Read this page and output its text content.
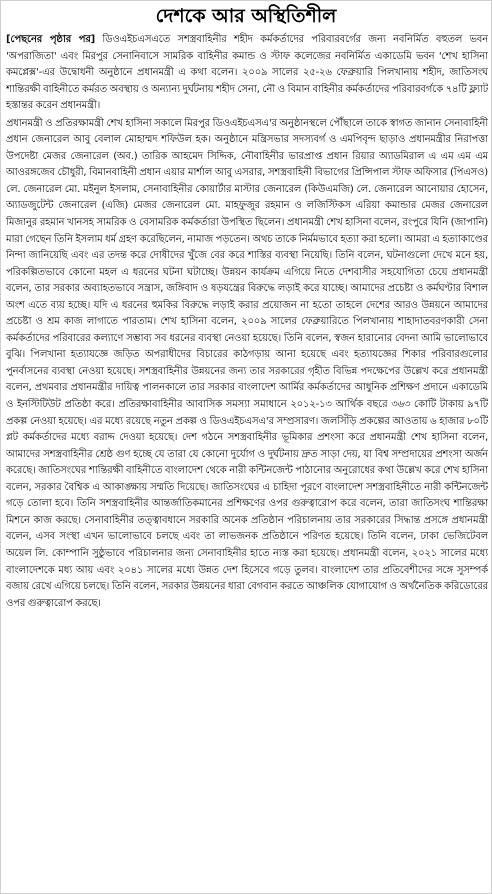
দেশকে আর অস্থিতিশীল

[পেছনের পৃষ্ঠার পর] ডিওএইচএসএতে সশস্ত্রবাহিনীর শহীদ কর্মকর্তাদের পরিবারবর্গের জন্য নবনির্মিত বহুতল ভবন 'অপরাজিতা' এবং মিরপুর সেনানিবাসে সামরিক বাহিনীর কমান্ড ও স্টাফ কলেজের নবনির্মিত একাডেমি ভবন 'শেখ হাসিনা কমপ্লেক্স'-এর উদ্বোধনী অনুষ্ঠানে প্রধানমন্ত্রী এ কথা বলেন। ২০০৯ সালের ২৫-২৬ ফেব্রুয়ারি পিলখানায় শহীদ, জাতিসংঘ শান্তিরক্ষী বাহিনীতে কর্মরত অবস্থায় ও অন্যান্য দুর্ঘটনায় শহীদ সেনা, নৌ ও বিমান বাহিনীর কর্মকর্তাদের পরিবারবর্গকে ৭৪টি ফ্ল্যাট হস্তান্তর করেন প্রধানমন্ত্রী।

প্রধানমন্ত্রী ও প্রতিরক্ষামন্ত্রী শেখ হাসিনা সকালে মিরপুর ডিওএইচএসএ'র অনুষ্ঠানস্থলে পৌঁছালে তাকে স্বাগত জানান সেনাবাহিনী প্রধান জেনারেল আবু বেলাল মোহাম্মদ শফিউল হক। অনুষ্ঠানে মন্ত্রিসভার সদস্যবর্গ ও এমপিবৃন্দ ছাড়াও প্রধানমন্ত্রীর নিরাপত্তা উপদেষ্টা মেজর জেনারেল (অব.) তারিক আহমেদ সিদ্দিক, নৌবাহিনীর ভারপ্রাপ্ত প্রধান রিয়ার অ্যাডমিরাল এ এম এম এম আওরঙ্গজেব চৌধুরী, বিমানবাহিনী প্রধান এয়ার মার্শাল আবু এসরার, সশস্ত্রবাহিনী বিভাগের প্রিন্সিপাল স্টাফ অফিসার (পিএসও) লে. জেনারেল মো. মইনুল ইসলাম, সেনাবাহিনীর কোয়ার্টার মাস্টার জেনারেল (কিউএমজি) লে. জেনারেল আনোয়ার হোসেন, অ্যাডজুটেন্ট জেনারেল (এজি) মেজর জেনারেল মো. মাহফুজুর রহমান ও লজিস্টিকস এরিয়া কমান্ডার মেজর জেনারেল মিজানুর রহমান খানসহ সামরিক ও বেসামরিক কর্মকর্তারা উপস্থিত ছিলেন। প্রধানমন্ত্রী শেখ হাসিনা বলেন, রংপুরে যিনি (জাপানি) মারা গেছেন তিনি ইসলাম ধর্ম গ্রহণ করেছিলেন, নামাজ পড়তেন। অথচ তাকে নির্মমভাবে হত্যা করা হলো। আমরা এ হত্যাকাণ্ডের নিন্দা জানিয়েছি এবং এর তদন্ত করে দোষীদের খুঁজে বের করে শাস্তির ব্যবস্থা নিয়েছি। তিনি বলেন, ঘটনাগুলো দেখে মনে হয়, পরিকল্পিতভাবে কোনো মহল এ ধরনের ঘটনা ঘটাচ্ছে। উন্নয়ন কার্যক্রম এগিয়ে নিতে দেশবাসীর সহযোগিতা চেয়ে প্রধানমন্ত্রী বলেন, তার সরকার অব্যাহতভাবে সন্ত্রাস, জঙ্গিবাদ ও ষড়যন্ত্রের বিরুদ্ধে লড়াই করে যাচ্ছে। আমাদের প্রচেষ্টা ও কর্মঘণ্টার বিশাল অংশ এতে ব্যয় হচ্ছে। যদি এ ধরনের হুমকির বিরুদ্ধে লড়াই করার প্রয়োজন না হতো তাহলে দেশের আরও উন্নয়নে আমাদের প্রচেষ্টা ও শ্রম কাজ লাগাতে পারতাম। শেখ হাসিনা বলেন, ২০০৯ সালের ফেব্রুয়ারিতে পিলখানায় শাহাদাতবরণকারী সেনা কর্মকর্তাদের পরিবারের কল্যাণে সম্ভাব্য সব ধরনের ব্যবস্থা নেওয়া হয়েছে। তিনি বলেন, স্বজন হারানোর বেদনা আমি ভালোভাবে বুঝি। পিলখানা হত্যাযজ্ঞে জড়িত অপরাধীদের বিচারের কাঠগড়ায় আনা হয়েছে এবং হত্যাযজ্ঞের শিকার পরিবারগুলোর পুনর্বাসনের ব্যবস্থা নেওয়া হয়েছে। সশস্ত্রবাহিনীর উন্নয়নের জন্য তার সরকারের গৃহীত বিভিন্ন পদক্ষেপের উল্লেখ করে প্রধানমন্ত্রী বলেন, প্রথমবার প্রধানমন্ত্রীর দায়িত্ব পালনকালে তার সরকার বাংলাদেশ আর্মির কর্মকর্তাদের আধুনিক প্রশিক্ষণ প্রদানে একাডেমি ও ইনস্টিটিউট প্রতিষ্ঠা করে। প্রতিরক্ষাবাহিনীর আবাসিক সমস্যা সমাধানে ২০১২-১৩ আর্থিক বছরে ৩৬৩ কোটি টাকায় ৯৭টি প্রকল্প নেওয়া হয়েছে। এর মধ্যে রয়েছে নতুন প্রকল্প ও ডিওএইচএসএ'র সম্প্রসারণ। জলসিঁড়ি প্রকল্পের আওতায় ৬ হাজার ৮০টি প্লট কর্মকর্তাদের মধ্যে বরাদ্দ দেওয়া হয়েছে। দেশ গঠনে সশস্ত্রবাহিনীর ভূমিকার প্রশংসা করে প্রধানমন্ত্রী শেখ হাসিনা বলেন, আমাদের সশস্ত্রবাহিনীর শ্রেষ্ঠ গুণ হচ্ছে যে তারা যে কোনো দুর্যোগ ও দুর্ঘটনায় দ্রুত সাড়া দেয়, যা বিশ্ব সম্প্রদায়ের প্রশংসা অর্জন করেছে। জাতিসংঘের শান্তিরক্ষী বাহিনীতে বাংলাদেশ থেকে নারী কন্টিনজেন্ট পাঠানোর অনুরোধের কথা উল্লেখ করে শেখ হাসিনা বলেন, সরকার বৈশ্বিক এ আকাঙ্ক্ষায় সম্মতি দিয়েছে। জাতিসংঘের এ চাহিদা পূরণে বাংলাদেশ সশস্ত্রবাহিনীতে নারী কন্টিনজেন্ট গড়ে তোলা হবে। তিনি সশস্ত্রবাহিনীর আন্তর্জাতিকমানের প্রশিক্ষণের ওপর গুরুত্বারোপ করে বলেন, তারা জাতিসংঘ শান্তিরক্ষা মিশনে কাজ করছে। সেনাবাহিনীর তত্ত্বাবধানে সরকারি অনেক প্রতিষ্ঠান পরিচালনায় তার সরকারের সিদ্ধান্ত প্রসঙ্গে প্রধানমন্ত্রী বলেন, এসব সংস্থা এখন ভালোভাবে চলছে এবং তা লাভজনক প্রতিষ্ঠানে পরিণত হয়েছে। তিনি বলেন, ঢাকা ভেজিটেবল অয়েল লি. কোম্পানি সুষ্ঠুভাবে পরিচালনার জন্য সেনাবাহিনীর হাতে ন্যস্ত করা হয়েছে। প্রধানমন্ত্রী বলেন, ২০২১ সালের মধ্যে বাংলাদেশকে মধ্য আয় এবং ২০৪১ সালের মধ্যে উন্নত দেশ হিসেবে গড়ে তুলব। বাংলাদেশ তার প্রতিবেশীদের সঙ্গে সুসম্পর্ক বজায় রেখে এগিয়ে চলছে। তিনি বলেন, সরকার উন্নয়নের ধারা বেগবান করতে আঞ্চলিক যোগাযোগ ও অর্থনৈতিক করিডোরের ওপর গুরুত্বারোপ করছে।
